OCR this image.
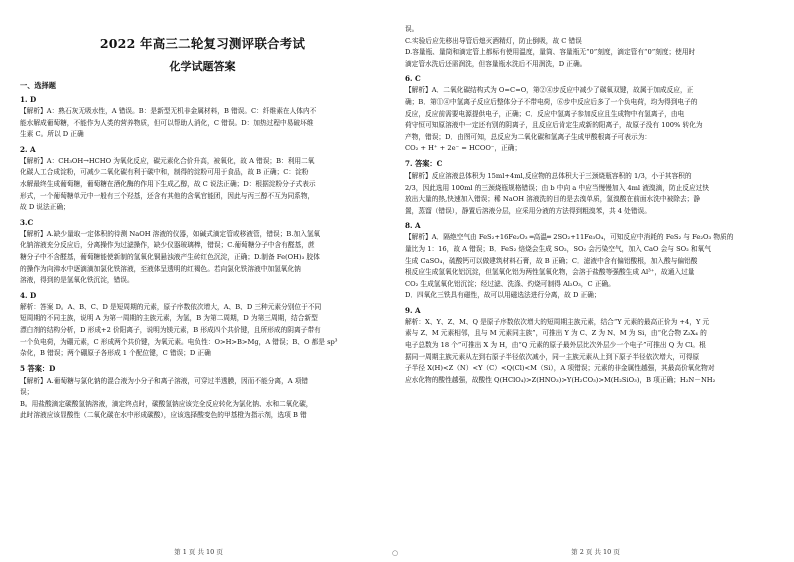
2022 年高三二轮复习测评联合考试
化学试题答案
一、选择题
1. D
【解析】A：熟石灰无吸水性，A 错误。B：是新型无机非金属材料，B 错误。C：纤维素在人体内不
能水解成葡萄糖，不能作为人类的营养物质，但可以帮助人消化，C 错误。D：加热过程中易破坏维
生素 C。所以 D 正确
2. A
【解析】A：CH₃OH→HCHO 为氧化反应，碳元素化合价升高，被氧化，故 A 错误；B：利用二氧
化碳人工合成淀粉，可减少二氧化碳有利于碳中和，制得的淀粉可用于食品，故 B 正确；C：淀粉
水解最终生成葡萄糖，葡萄糖在酒化酶的作用下生成乙醇，故 C 说法正确；D：根据淀粉分子式表示
形式，一个葡萄糖单元中一般有三个羟基，还含有其他的含氧官能团，因此与丙三醇不互为同系物，
故 D 说法正确；
3.C
【解析】A.缺少量取一定体积的待测 NaOH 溶液的仪器，如碱式滴定管或移液管，错误；B.加入氢氧
化钠溶液充分反应后，分离操作为过滤操作，缺少仪器玻璃棒，错误；C.葡萄糖分子中含有醛基，蔗
糖分子中不含醛基，葡萄糖能使新制的氢氧化铜悬浊液产生砖红色沉淀，正确；D.制备 Fe(OH)₃ 胶体
的操作为向沸水中逐滴滴加氯化铁溶液，至液体呈透明的红褐色。若向氯化铁溶液中加氢氧化钠
溶液，得到的是氢氧化铁沉淀，错误。
4. D
解析：答案 D。A、B、C、D 是短周期的元素，原子序数依次增大，A、B、D 三种元素分别位于不同
短周期的不同主族，说明 A 为第一周期的主族元素，为氢，B 为第二周期，D 为第三周期，结合新型
漂白剂的结构分析，D 形成+2 价阳离子，说明为镁元素，B 形成四个共价键，且所形成的阴离子带有
一个负电荷，为硼元素，C 形成两个共价键，为氧元素。电负性：O>H>B>Mg，A 错误；B、O 都是 sp³
杂化，B 错误；两个硼原子各形成 1 个配位键，C 错误；D 正确
5 答案：D
【解析】A.葡萄糖与氯化钠的混合液为小分子和离子溶液，可穿过半透膜，因而不能分离，A 项错
误；
B。用盐酸滴定碳酸氢钠溶液，滴定终点时，碳酸氢钠应该完全反应转化为氯化钠、水和二氧化碳，
此时溶液应该显酸性（二氧化碳在水中形成碳酸），应该选择酸变色的甲基橙为指示剂，选项 B 错
第 1 页 共 10 页	○
误。
C.实验后应先移出导管后熄灭酒精灯，防止倒吸，故 C 错误
D.容量瓶、量筒和滴定管上都标有使用温度，量筒、容量瓶无“0”刻度，滴定管有“0”刻度；使用时
滴定管水洗后还需润洗，但容量瓶水洗后不用润洗，D 正确。
6. C
【解析】A．二氧化碳结构式为 O=C=O，第②④步反应中减少了碳氧双键，故属于加成反应，正
确；B．第①④中氢离子反应后整体分子不带电荷，⑥步中反应后多了一个负电荷，均为得到电子的
反应，反应前需要电源提供电子，正确；C．反应中氢离子参加反应且生成物中有氢离子，由电
荷守恒可知原溶液中一定还有别的阴离子，且反应后肯定生成新的阳离子，故原子没有 100% 转化为
产物，错误；D．由图可知，总反应为二氧化碳和氢离子生成甲酸根离子可表示为：
CO₂ + H⁺ + 2e⁻ = HCOO⁻，正确；
7. 答案：C
【解析】反应溶液总体积为 15ml+4ml,反应物的总体积大于三颈烧瓶容积的 1/3，小于其容积的
2/3，因此选用 100ml 的三颈烧瓶规格错误；由 b 中向 a 中应当慢慢加入 4ml 液溴滴，防止反应过快
放出大量的热,快速加入错误；稀 NaOH 溶液洗的目的是去溴单质，氢溴酸在前面水洗中被除去；静
置，蒸馏（错误），静置后溶液分层，应采用分液的方法得到粗溴苯，共 4 处错误。
8. A
【解析】A．隔绝空气由 FeS₂+16Fe₂O₃ ═高温═ 2SO₂+11Fe₃O₄，可知反应中消耗的 FeS₂ 与 Fe₂O₃ 物质的
量比为 1：16，故 A 错误；B．FeS₂ 焙烧会生成 SO₂，SO₂ 会污染空气，加入 CaO 会与 SO₂ 和氧气
生成 CaSO₄，硫酸钙可以做建筑材料石膏，故 B 正确；C．滤液中含有偏铝酸根，加入酸与偏铝酸
根反应生成氢氧化铝沉淀，但氢氧化铝为两性氢氧化物，会溶于盐酸等强酸生成 Al³⁺，故通入过量
CO₂ 生成氢氧化铝沉淀；经过滤、洗涤、灼烧可制得 Al₂O₃，C 正确。
D．四氧化三铁具有磁性，故可以用磁选法进行分离，故 D 正确；
9. A
解析：X、Y、Z、M、Q 是原子序数依次增大的短周期主族元素，结合“Y 元素的最高正价为 +4，Y 元
素与 Z、M 元素相邻，且与 M 元素同主族”，可推出 Y 为 C、Z 为 N、M 为 Si，由“化合物 Z₂X₄ 的
电子总数为 18 个”可推出 X 为 H，由“Q 元素的原子最外层比次外层少一个电子”可推出 Q 为 Cl。根
据同一周期主族元素从左到右原子半径依次减小，同一主族元素从上到下原子半径依次增大，可得原
子半径 X(H)<Z（N）<Y（C）<Q(Cl)<M（Si），A 项错误；元素的非金属性越强，其最高价氧化物对
应水化物的酸性越强，故酸性 Q(HClO₄)>Z(HNO₃)>Y(H₂CO₃)>M(H₂SiO₃)，B 项正确；H₂N－NH₂
第 2 页 共 10 页
